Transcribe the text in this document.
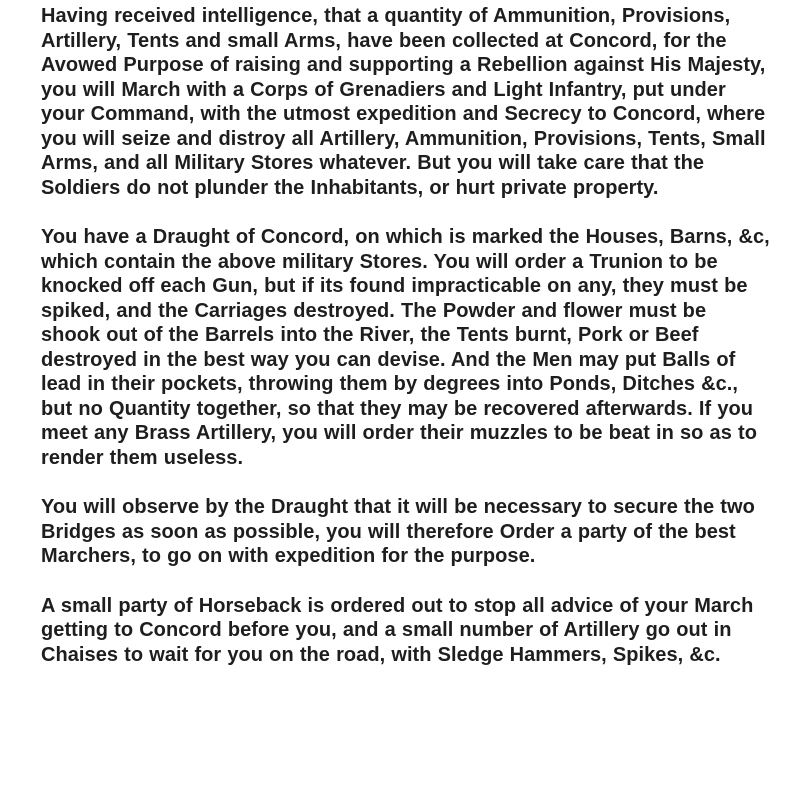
Having received intelligence, that a quantity of Ammunition, Provisions, Artillery, Tents and small Arms, have been collected at Concord, for the Avowed Purpose of raising and supporting a Rebellion against His Majesty, you will March with a Corps of Grenadiers and Light Infantry, put under your Command, with the utmost expedition and Secrecy to Concord, where you will seize and distroy all Artillery, Ammunition, Provisions, Tents, Small Arms, and all Military Stores whatever. But you will take care that the Soldiers do not plunder the Inhabitants, or hurt private property.

You have a Draught of Concord, on which is marked the Houses, Barns, &c, which contain the above military Stores. You will order a Trunion to be knocked off each Gun, but if its found impracticable on any, they must be spiked, and the Carriages destroyed. The Powder and flower must be shook out of the Barrels into the River, the Tents burnt, Pork or Beef destroyed in the best way you can devise. And the Men may put Balls of lead in their pockets, throwing them by degrees into Ponds, Ditches &c., but no Quantity together, so that they may be recovered afterwards. If you meet any Brass Artillery, you will order their muzzles to be beat in so as to render them useless.

You will observe by the Draught that it will be necessary to secure the two Bridges as soon as possible, you will therefore Order a party of the best Marchers, to go on with expedition for the purpose.

A small party of Horseback is ordered out to stop all advice of your March getting to Concord before you, and a small number of Artillery go out in Chaises to wait for you on the road, with Sledge Hammers, Spikes, &c.
